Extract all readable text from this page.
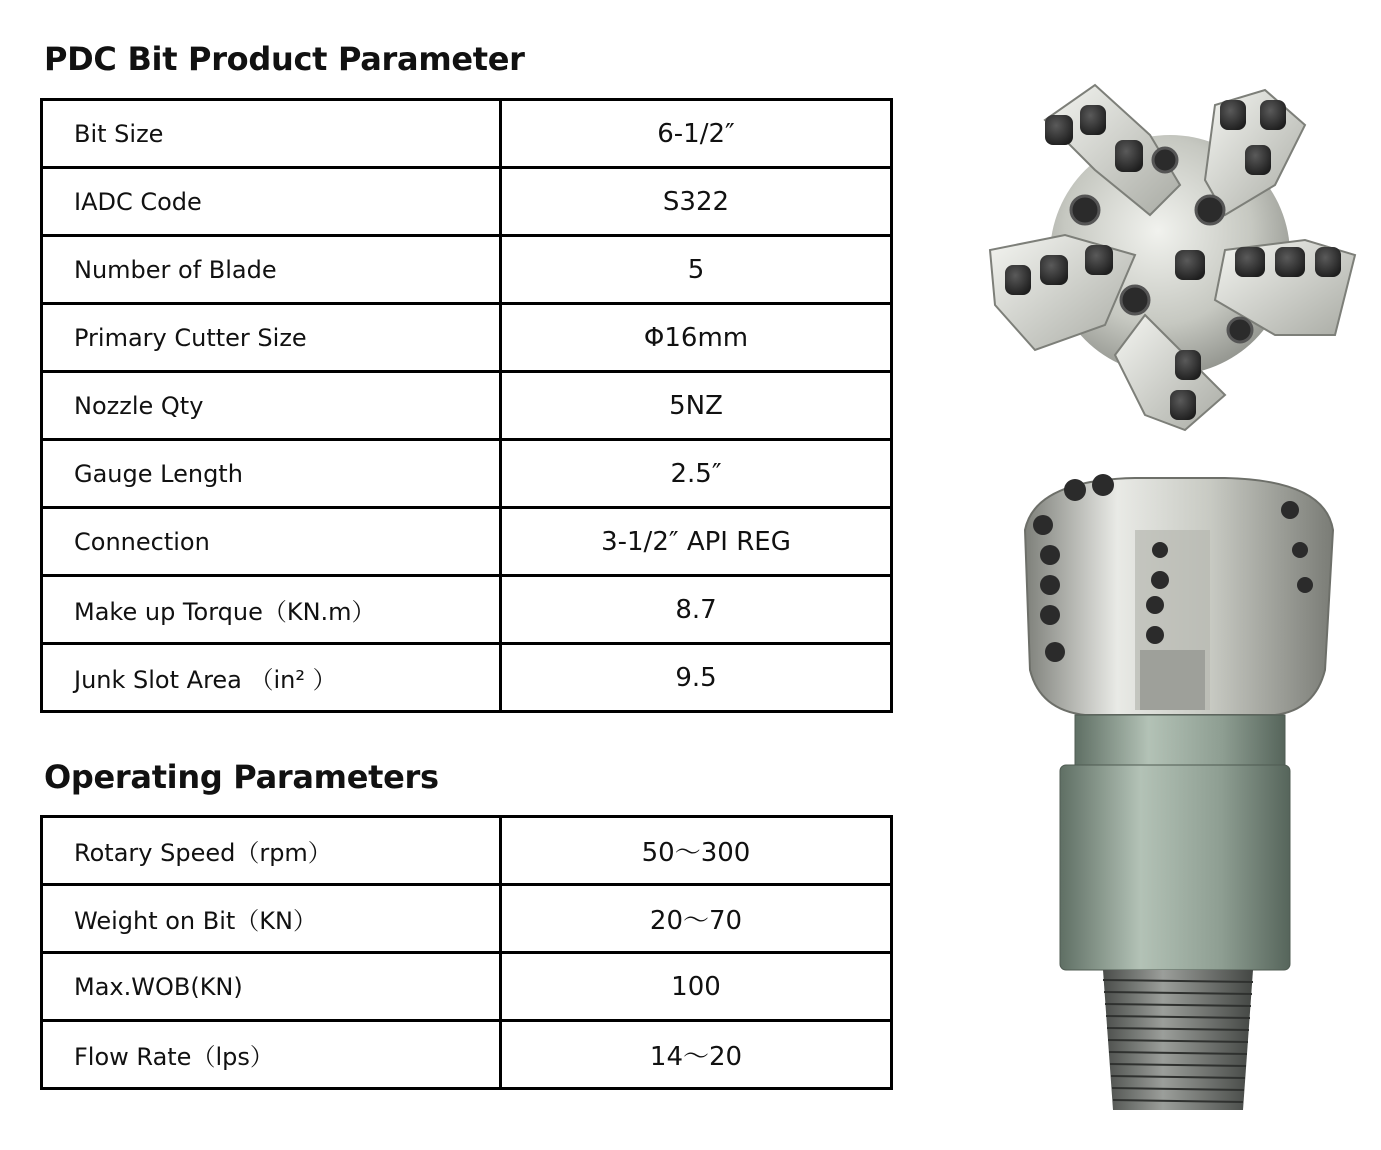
PDC Bit Product Parameter
Bit Size	6-1/2″
IADC Code	S322
Number of Blade	5
Primary Cutter Size	Φ16mm
Nozzle Qty	5NZ
Gauge Length	2.5″
Connection	3-1/2″ API REG
Make up Torque（KN.m）	8.7
Junk Slot Area （in² ）	9.5
Operating Parameters
Rotary Speed（rpm）	50～300
Weight on Bit（KN）	20～70
Max.WOB(KN)	100
Flow Rate（lps）	14～20
